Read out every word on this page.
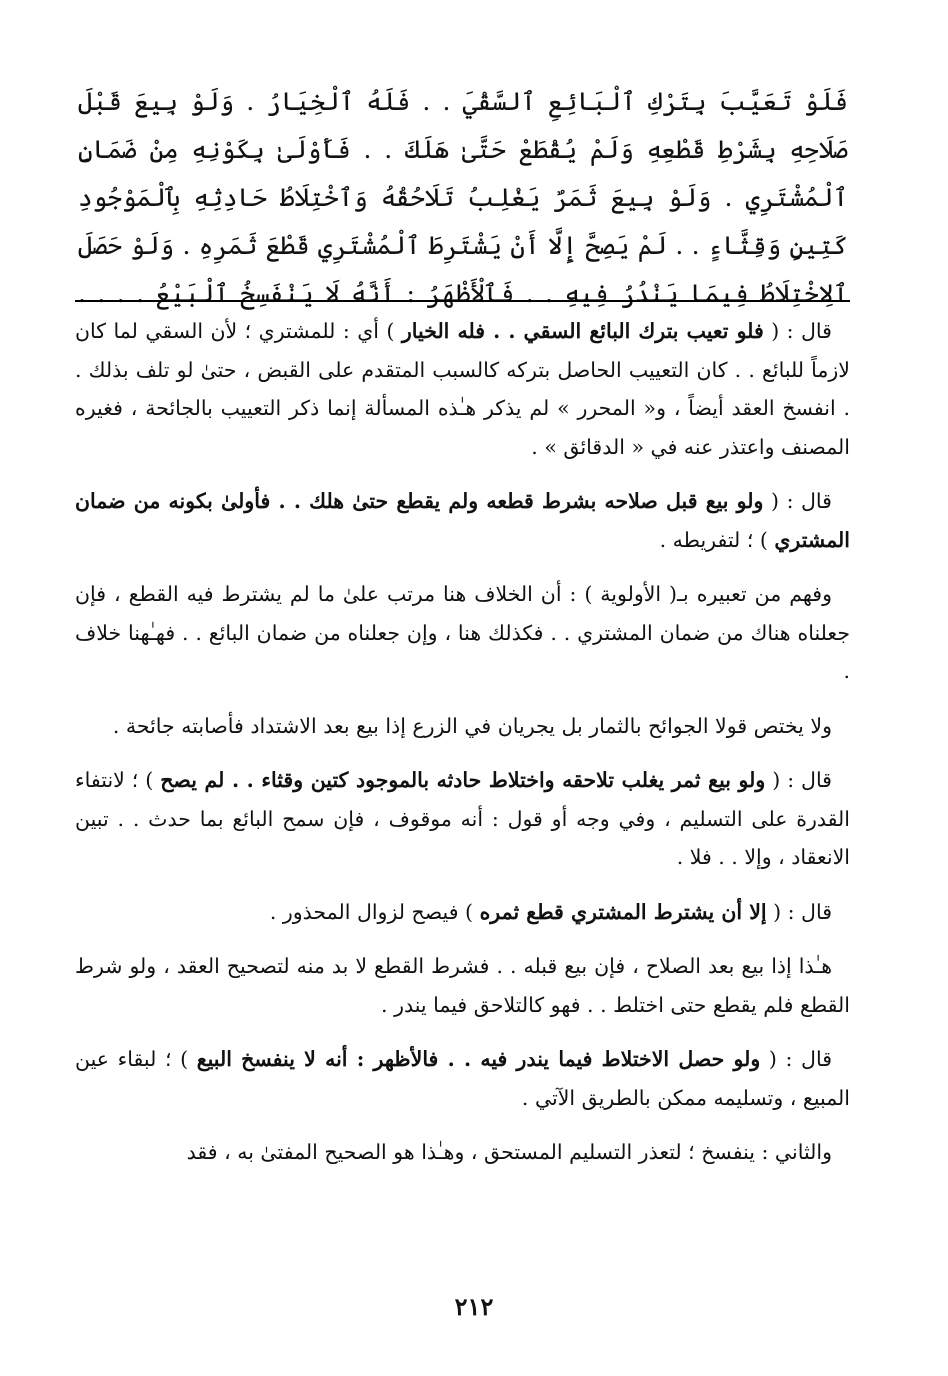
فَلَوْ تَعَيَّبَ بِتَرْكِ ٱلْبَائِعِ ٱلسَّقْيَ . . فَلَهُ ٱلْخِيَارُ . وَلَوْ بِيعَ قَبْلَ صَلَاحِهِ بِشَرْطِ قَطْعِهِ وَلَمْ يُقْطَعْ حَتَّىٰ هَلَكَ . . فَأَوْلَىٰ بِكَوْنِهِ مِنْ ضَمَانِ ٱلْمُشْتَرِي . وَلَوْ بِيعَ ثَمَرٌ يَغْلِبُ تَلَاحُقُهُ وَٱخْتِلَاطُ حَادِثِهِ بِٱلْمَوْجُودِ كَتِينٍ وَقِثَّاءٍ . . لَمْ يَصِحَّ إِلَّا أَنْ يَشْتَرِطَ ٱلْمُشْتَرِي قَطْعَ ثَمَرِهِ . وَلَوْ حَصَلَ ٱلِاخْتِلَاطُ فِيمَا يَنْدُرُ فِيهِ . . فَٱلْأَظْهَرُ : أَنَّهُ لَا يَنْفَسِخُ ٱلْبَيْعُ . . . .

قال : ( فلو تعيب بترك البائع السقي . . فله الخيار ) أي : للمشتري ؛ لأن السقي لما كان لازماً للبائع . . كان التعييب الحاصل بتركه كالسبب المتقدم على القبض ، حتىٰ لو تلف بذلك . . انفسخ العقد أيضاً ، و« المحرر » لم يذكر هـٰذه المسألة إنما ذكر التعييب بالجائحة ، فغيره المصنف واعتذر عنه في « الدقائق » .

قال : ( ولو بيع قبل صلاحه بشرط قطعه ولم يقطع حتىٰ هلك . . فأولىٰ بكونه من ضمان المشتري ) ؛ لتفريطه .

وفهم من تعبيره بـ( الأولوية ) : أن الخلاف هنا مرتب علىٰ ما لم يشترط فيه القطع ، فإن جعلناه هناك من ضمان المشتري . . فكذلك هنا ، وإن جعلناه من ضمان البائع . . فهـٰهنا خلاف .

ولا يختص قولا الجوائح بالثمار بل يجريان في الزرع إذا بيع بعد الاشتداد فأصابته جائحة .

قال : ( ولو بيع ثمر يغلب تلاحقه واختلاط حادثه بالموجود كتين وقثاء . . لم يصح ) ؛ لانتفاء القدرة على التسليم ، وفي وجه أو قول : أنه موقوف ، فإن سمح البائع بما حدث . . تبين الانعقاد ، وإلا . . فلا .

قال : ( إلا أن يشترط المشتري قطع ثمره ) فيصح لزوال المحذور .

هـٰذا إذا بيع بعد الصلاح ، فإن بيع قبله . . فشرط القطع لا بد منه لتصحيح العقد ، ولو شرط القطع فلم يقطع حتى اختلط . . فهو كالتلاحق فيما يندر .

قال : ( ولو حصل الاختلاط فيما يندر فيه . . فالأظهر : أنه لا ينفسخ البيع ) ؛ لبقاء عين المبيع ، وتسليمه ممكن بالطريق الآتي .

والثاني : ينفسخ ؛ لتعذر التسليم المستحق ، وهـٰذا هو الصحيح المفتىٰ به ، فقد

٢١٢
